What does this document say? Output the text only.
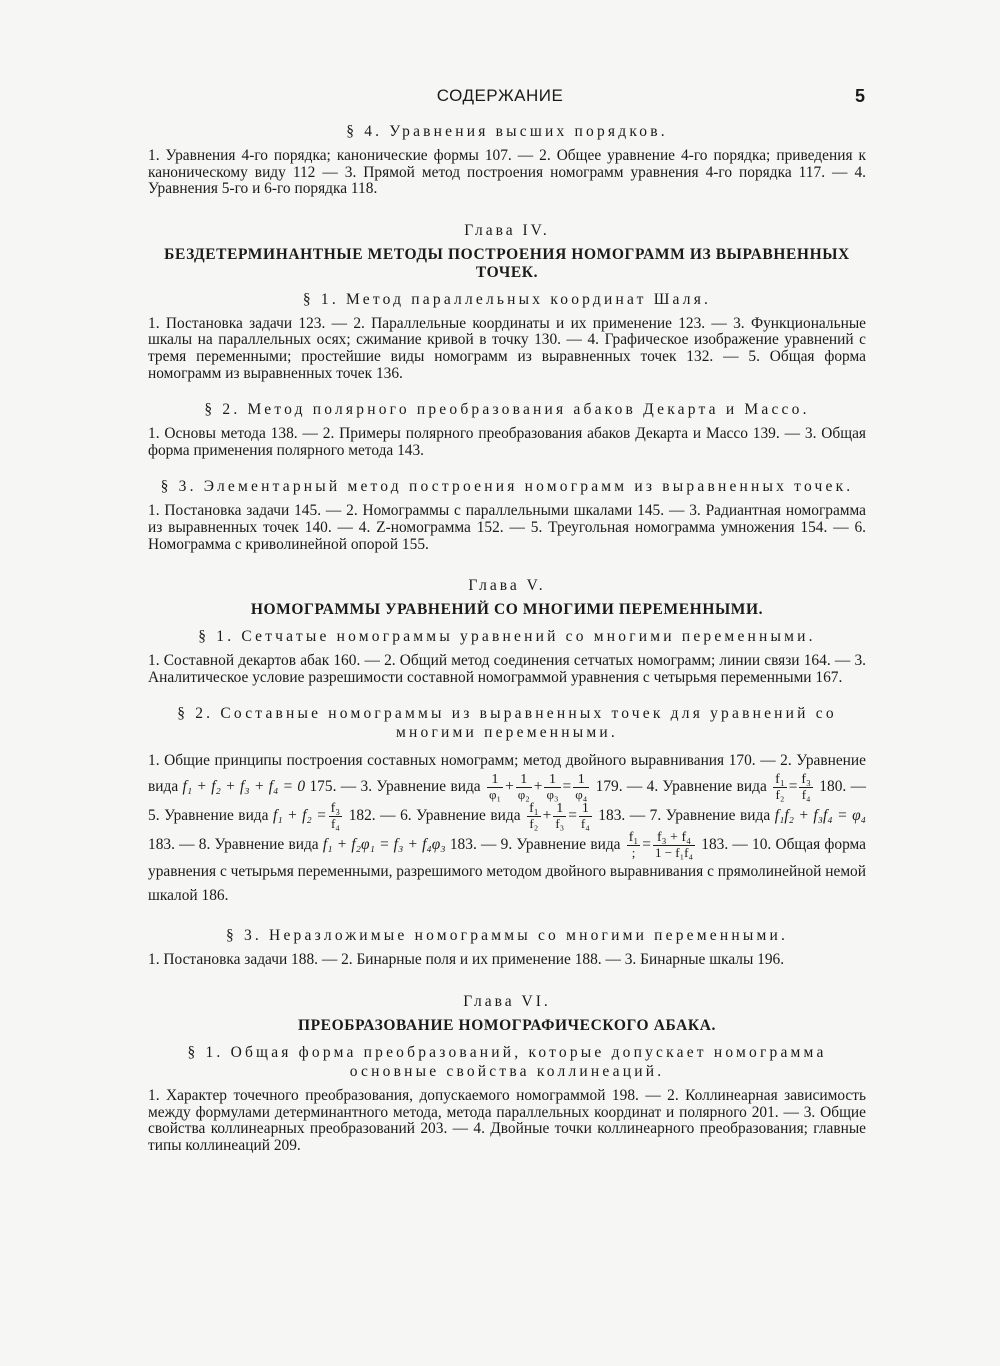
СОДЕРЖАНИЕ	5
§ 4. Уравнения высших порядков.
1. Уравнения 4-го порядка; канонические формы 107. — 2. Общее уравнение 4-го порядка; приведения к каноническому виду 112 — 3. Прямой метод построения номограмм уравнения 4-го порядка 117. — 4. Уравнения 5-го и 6-го порядка 118.
Глава IV.
БЕЗДЕТЕРМИНАНТНЫЕ МЕТОДЫ ПОСТРОЕНИЯ НОМОГРАММ ИЗ ВЫРАВНЕННЫХ ТОЧЕК.
§ 1. Метод параллельных координат Шаля.
1. Постановка задачи 123. — 2. Параллельные координаты и их применение 123. — 3. Функциональные шкалы на параллельных осях; сжимание кривой в точку 130. — 4. Графическое изображение уравнений с тремя переменными; простейшие виды номограмм из выравненных точек 132. — 5. Общая форма номограмм из выравненных точек 136.
§ 2. Метод полярного преобразования абаков Декарта и Массо.
1. Основы метода 138. — 2. Примеры полярного преобразования абаков Декарта и Массо 139. — 3. Общая форма применения полярного метода 143.
§ 3. Элементарный метод построения номограмм из выравненных точек.
1. Постановка задачи 145. — 2. Номограммы с параллельными шкалами 145. — 3. Радиантная номограмма из выравненных точек 140. — 4. Z-номограмма 152. — 5. Треугольная номограмма умножения 154. — 6. Номограмма с криволинейной опорой 155.
Глава V.
НОМОГРАММЫ УРАВНЕНИЙ СО МНОГИМИ ПЕРЕМЕННЫМИ.
§ 1. Сетчатые номограммы уравнений со многими переменными.
1. Составной декартов абак 160. — 2. Общий метод соединения сетчатых номограмм; линии связи 164. — 3. Аналитическое условие разрешимости составной номограммой уравнения с четырьмя переменными 167.
§ 2. Составные номограммы из выравненных точек для уравнений со многими переменными.
1. Общие принципы построения составных номограмм; метод двойного выравнивания 170. — 2. Уравнение вида f₁ + f₂ + f₃ + f₄ = 0 175. — 3. Уравнение вида $\frac{1}{\text{φ₁}} + \frac{1}{\text{φ₂}} + \frac{1}{\text{φ₃}} = \frac{1}{\text{φ₄}} 179$. — 4. Уравнение вида $\frac{\text{f₁}}{\text{f₂}} = \frac{\text{f₃}}{\text{f₄}} 180$. — 5. Уравнение вида $f_1 + f_2 = \frac{\text{f₃}}{\text{f₄}} 182$. — 6. Уравнение вида $\frac{\text{f₁}}{\text{f₂}} + \frac{1}{\text{f₃}} = \frac{1}{\text{f₄}} 183$. — 7. Уравнение вида f₁f₂ + f₃f₄ = φ₄ 183. — 8. Уравнение вида f₁ + f₂φ₁ = f₃ + f₄φ₃ 183. — 9. Уравнение вида $\frac{\text{f₁}}{;} = \frac{\text{f₃ + f₄}}{\text{1 − f₁f₄}} 183$. — 10. Общая форма уравнения с четырьмя переменными, разрешимого методом двойного выравнивания с прямолинейной немой шкалой 186.
§ 3. Неразложимые номограммы со многими переменными.
1. Постановка задачи 188. — 2. Бинарные поля и их применение 188. — 3. Бинарные шкалы 196.
Глава VI.
ПРЕОБРАЗОВАНИЕ НОМОГРАФИЧЕСКОГО АБАКА.
§ 1. Общая форма преобразований, которые допускает номограмма основные свойства коллинеаций.
1. Характер точечного преобразования, допускаемого номограммой 198. — 2. Коллинеарная зависимость между формулами детерминантного метода, метода параллельных координат и полярного 201. — 3. Общие свойства коллинеарных преобразований 203. — 4. Двойные точки коллинеарного преобразования; главные типы коллинеаций 209.
